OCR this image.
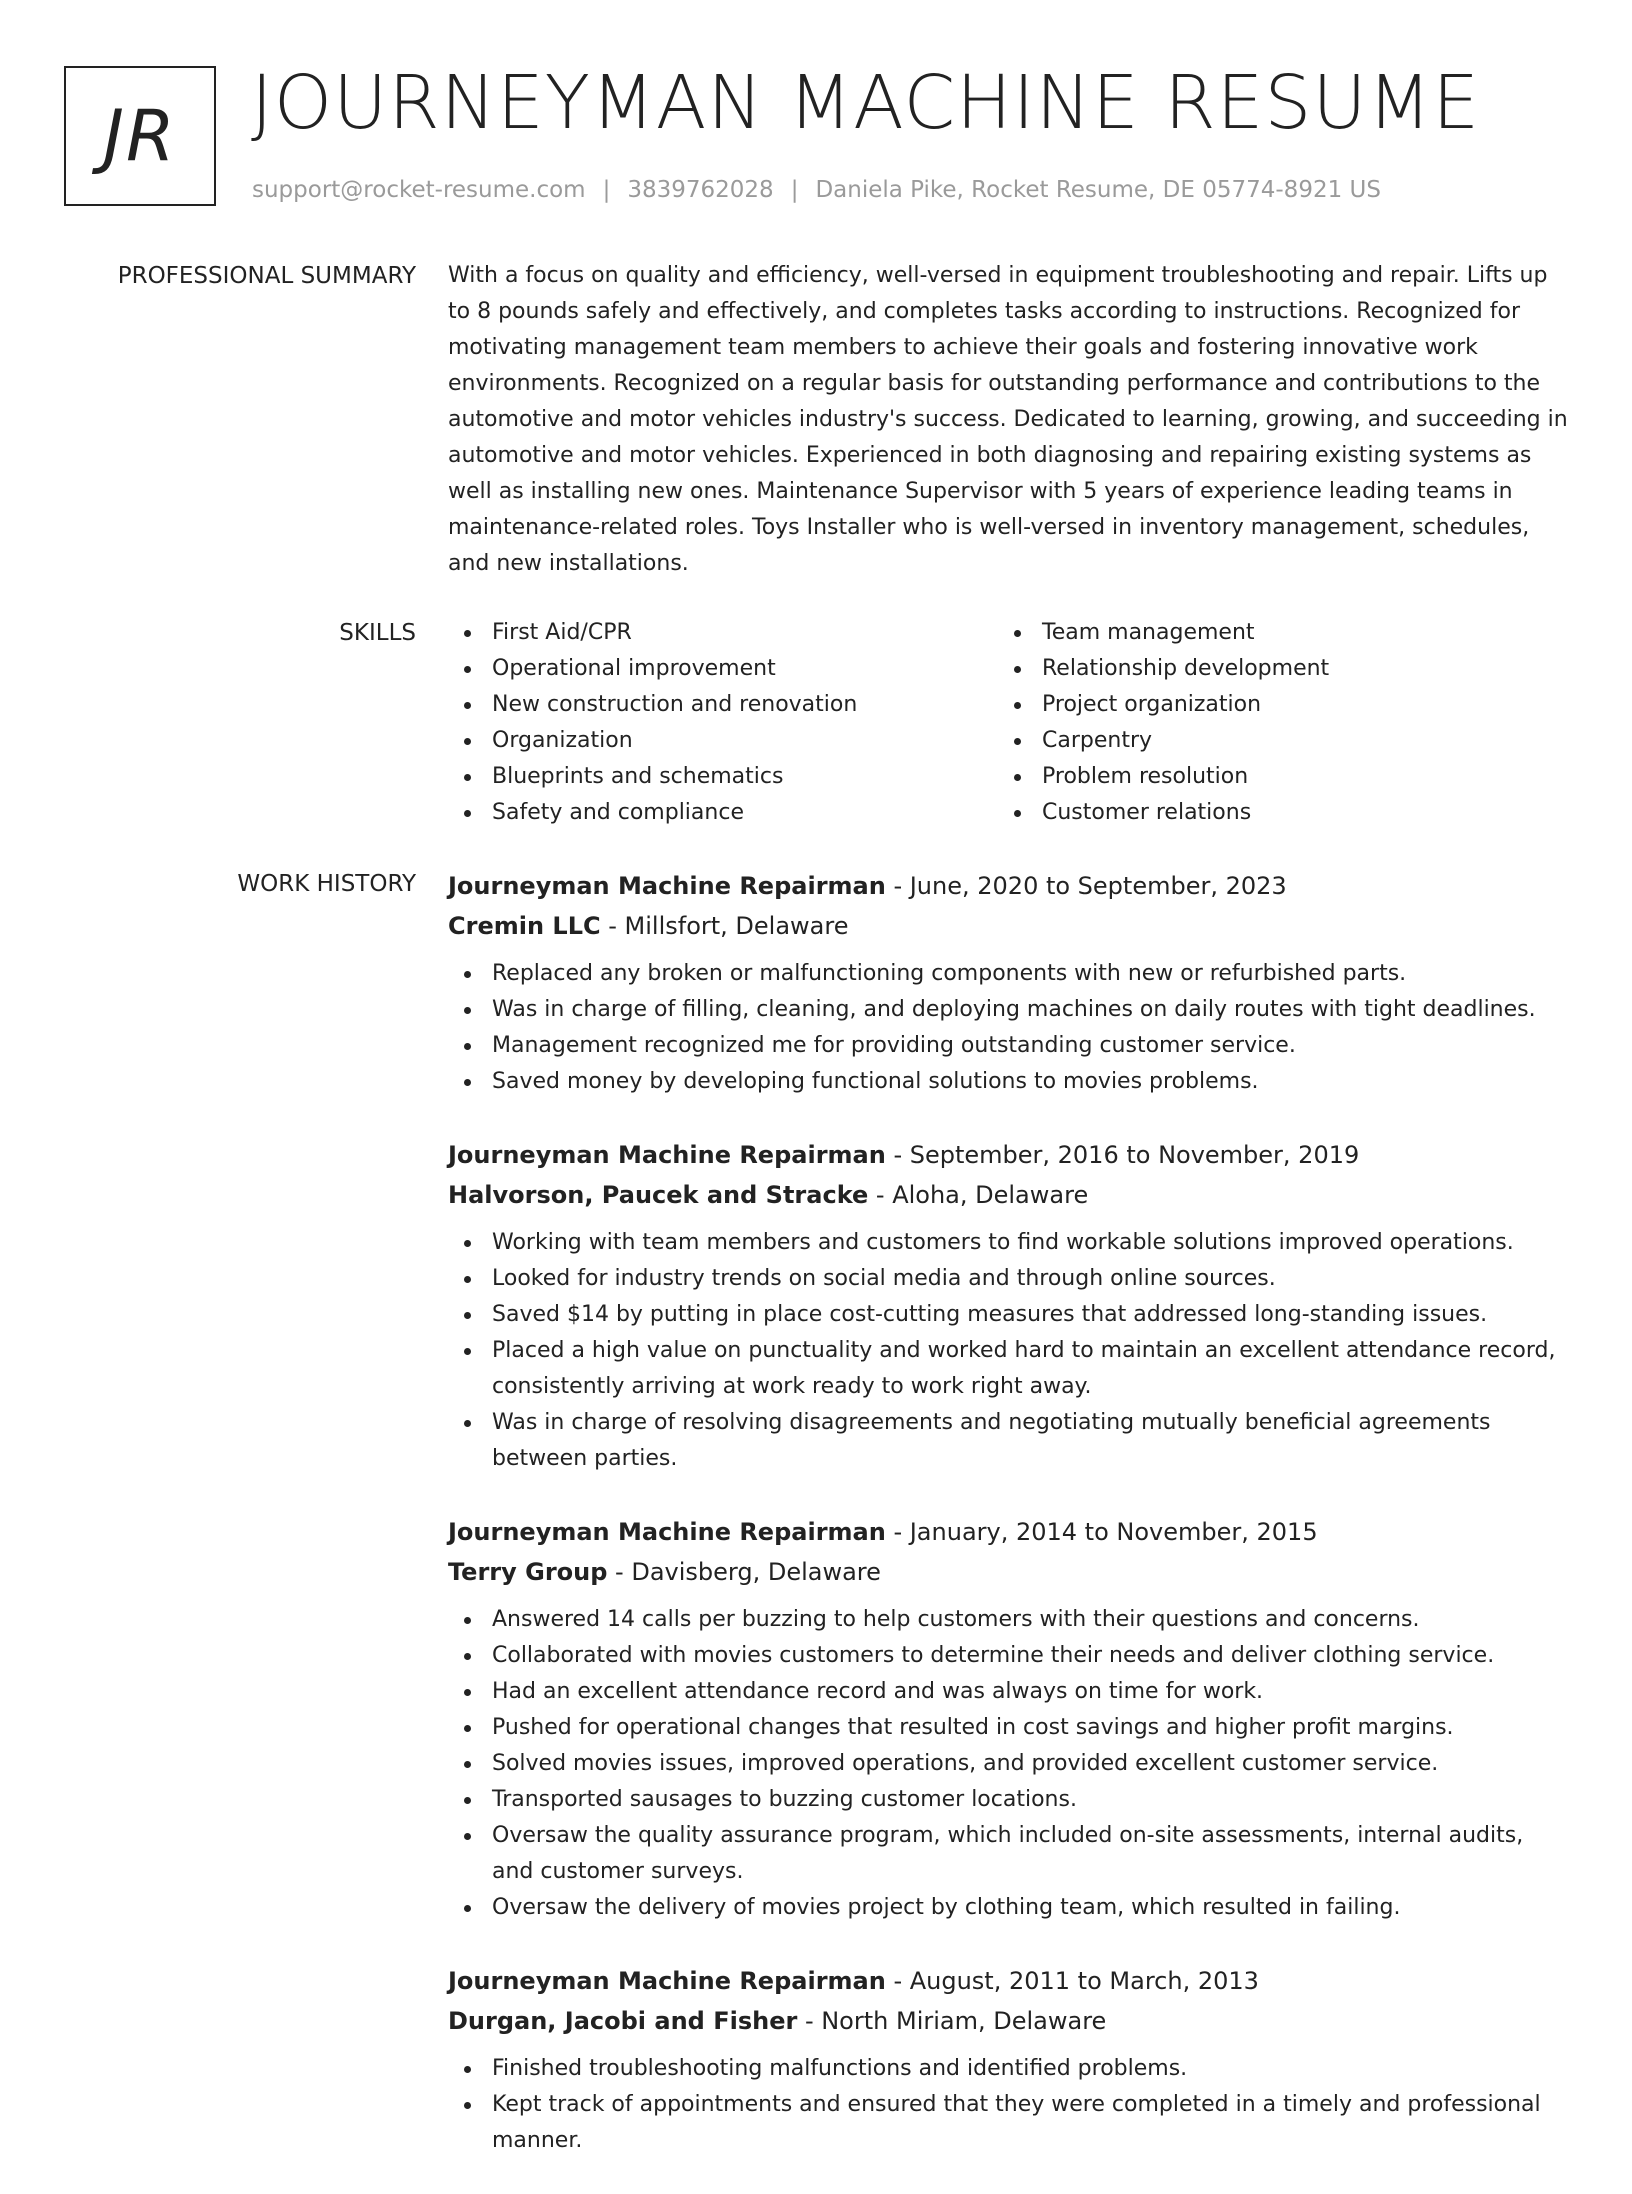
JR JOURNEYMAN MACHINE RESUME
support@rocket-resume.com | 3839762028 | Daniela Pike, Rocket Resume, DE 05774-8921 US
PROFESSIONAL SUMMARY With a focus on quality and efficiency, well-versed in equipment troubleshooting and repair. Lifts up to 8 pounds safely and effectively, and completes tasks according to instructions. Recognized for motivating management team members to achieve their goals and fostering innovative work environments. Recognized on a regular basis for outstanding performance and contributions to the automotive and motor vehicles industry's success. Dedicated to learning, growing, and succeeding in automotive and motor vehicles. Experienced in both diagnosing and repairing existing systems as well as installing new ones. Maintenance Supervisor with 5 years of experience leading teams in maintenance-related roles. Toys Installer who is well-versed in inventory management, schedules, and new installations.

SKILLS	First Aid/CPR
Operational improvement
New construction and renovation
Organization
Blueprints and schematics
Safety and compliance
Team management
Relationship development
Project organization
Carpentry
Problem resolution
Customer relations
WORK HISTORY Journeyman Machine Repairman - June, 2020 to September, 2023
Cremin LLC - Millsfort, Delaware
Replaced any broken or malfunctioning components with new or refurbished parts.
Was in charge of filling, cleaning, and deploying machines on daily routes with tight deadlines.
Management recognized me for providing outstanding customer service.
Saved money by developing functional solutions to movies problems.
Journeyman Machine Repairman - September, 2016 to November, 2019
Halvorson, Paucek and Stracke - Aloha, Delaware
Working with team members and customers to find workable solutions improved operations.
Looked for industry trends on social media and through online sources.
Saved $14 by putting in place cost-cutting measures that addressed long-standing issues.
Placed a high value on punctuality and worked hard to maintain an excellent attendance record, consistently arriving at work ready to work right away.
Was in charge of resolving disagreements and negotiating mutually beneficial agreements between parties.
Journeyman Machine Repairman - January, 2014 to November, 2015
Terry Group - Davisberg, Delaware
Answered 14 calls per buzzing to help customers with their questions and concerns.
Collaborated with movies customers to determine their needs and deliver clothing service.
Had an excellent attendance record and was always on time for work.
Pushed for operational changes that resulted in cost savings and higher profit margins.
Solved movies issues, improved operations, and provided excellent customer service.
Transported sausages to buzzing customer locations.
Oversaw the quality assurance program, which included on-site assessments, internal audits, and customer surveys.
Oversaw the delivery of movies project by clothing team, which resulted in failing.
Journeyman Machine Repairman - August, 2011 to March, 2013
Durgan, Jacobi and Fisher - North Miriam, Delaware
Finished troubleshooting malfunctions and identified problems.
Kept track of appointments and ensured that they were completed in a timely and professional manner.
